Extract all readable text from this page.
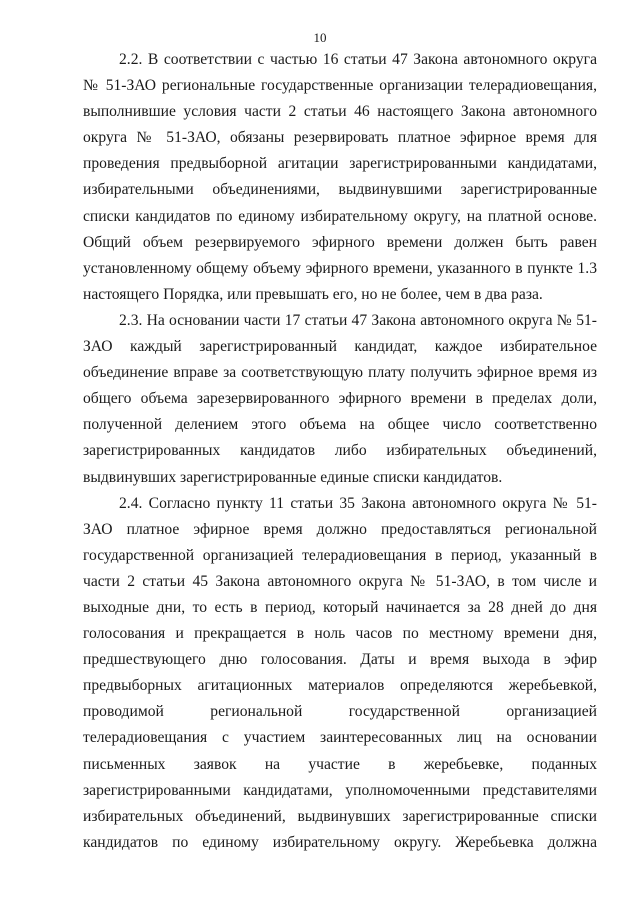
10

2.2. В соответствии с частью 16 статьи 47 Закона автономного округа № 51-ЗАО региональные государственные организации телерадиовещания, выполнившие условия части 2 статьи 46 настоящего Закона автономного округа № 51-ЗАО, обязаны резервировать платное эфирное время для проведения предвыборной агитации зарегистрированными кандидатами, избирательными объединениями, выдвинувшими зарегистрированные списки кандидатов по единому избирательному округу, на платной основе. Общий объем резервируемого эфирного времени должен быть равен установленному общему объему эфирного времени, указанного в пункте 1.3 настоящего Порядка, или превышать его, но не более, чем в два раза.

2.3. На основании части 17 статьи 47 Закона автономного округа № 51-ЗАО каждый зарегистрированный кандидат, каждое избирательное объединение вправе за соответствующую плату получить эфирное время из общего объема зарезервированного эфирного времени в пределах доли, полученной делением этого объема на общее число соответственно зарегистрированных кандидатов либо избирательных объединений, выдвинувших зарегистрированные единые списки кандидатов.

2.4. Согласно пункту 11 статьи 35 Закона автономного округа № 51-ЗАО платное эфирное время должно предоставляться региональной государственной организацией телерадиовещания в период, указанный в части 2 статьи 45 Закона автономного округа № 51-ЗАО, в том числе и выходные дни, то есть в период, который начинается за 28 дней до дня голосования и прекращается в ноль часов по местному времени дня, предшествующего дню голосования. Даты и время выхода в эфир предвыборных агитационных материалов определяются жеребьевкой, проводимой региональной государственной организацией телерадиовещания с участием заинтересованных лиц на основании письменных заявок на участие в жеребьевке, поданных зарегистрированными кандидатами, уполномоченными представителями избирательных объединений, выдвинувших зарегистрированные списки кандидатов по единому избирательному округу. Жеребьевка должна
